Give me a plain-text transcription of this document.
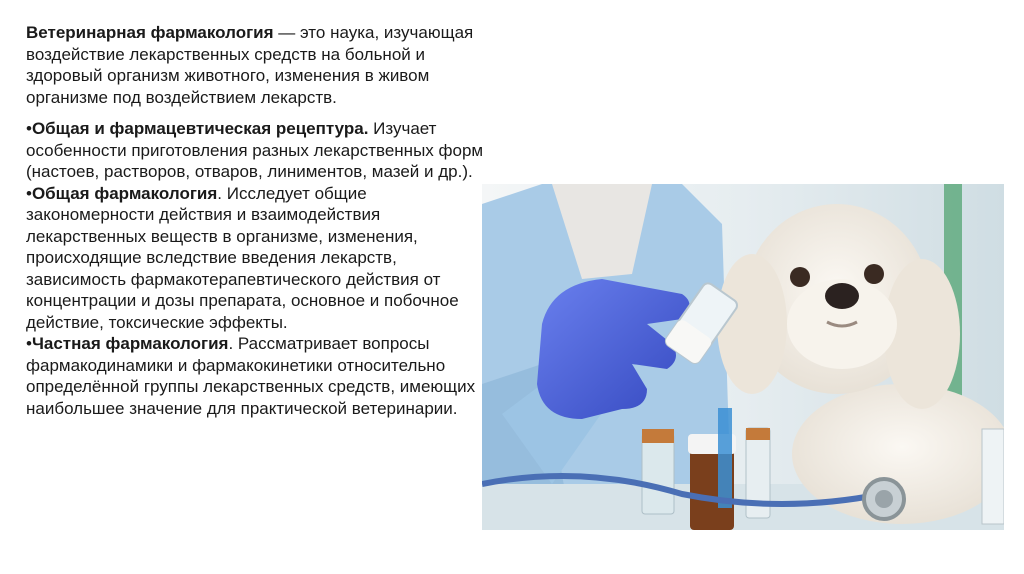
Ветеринарная фармакология — это наука, изучающая воздействие лекарственных средств на больной и здоровый организм животного, изменения в живом организме под воздействием лекарств.

•Общая и фармацевтическая рецептура. Изучает особенности приготовления разных лекарственных форм (настоев, растворов, отваров, линиментов, мазей и др.).

•Общая фармакология. Исследует общие закономерности действия и взаимодействия лекарственных веществ в организме, изменения, происходящие вследствие введения лекарств, зависимость фармакотерапевтического действия от концентрации и дозы препарата, основное и побочное действие, токсические эффекты.

•Частная фармакология. Рассматривает вопросы фармакодинамики и фармакокинетики относительно определённой группы лекарственных средств, имеющих наибольшее значение для практической ветеринарии.
